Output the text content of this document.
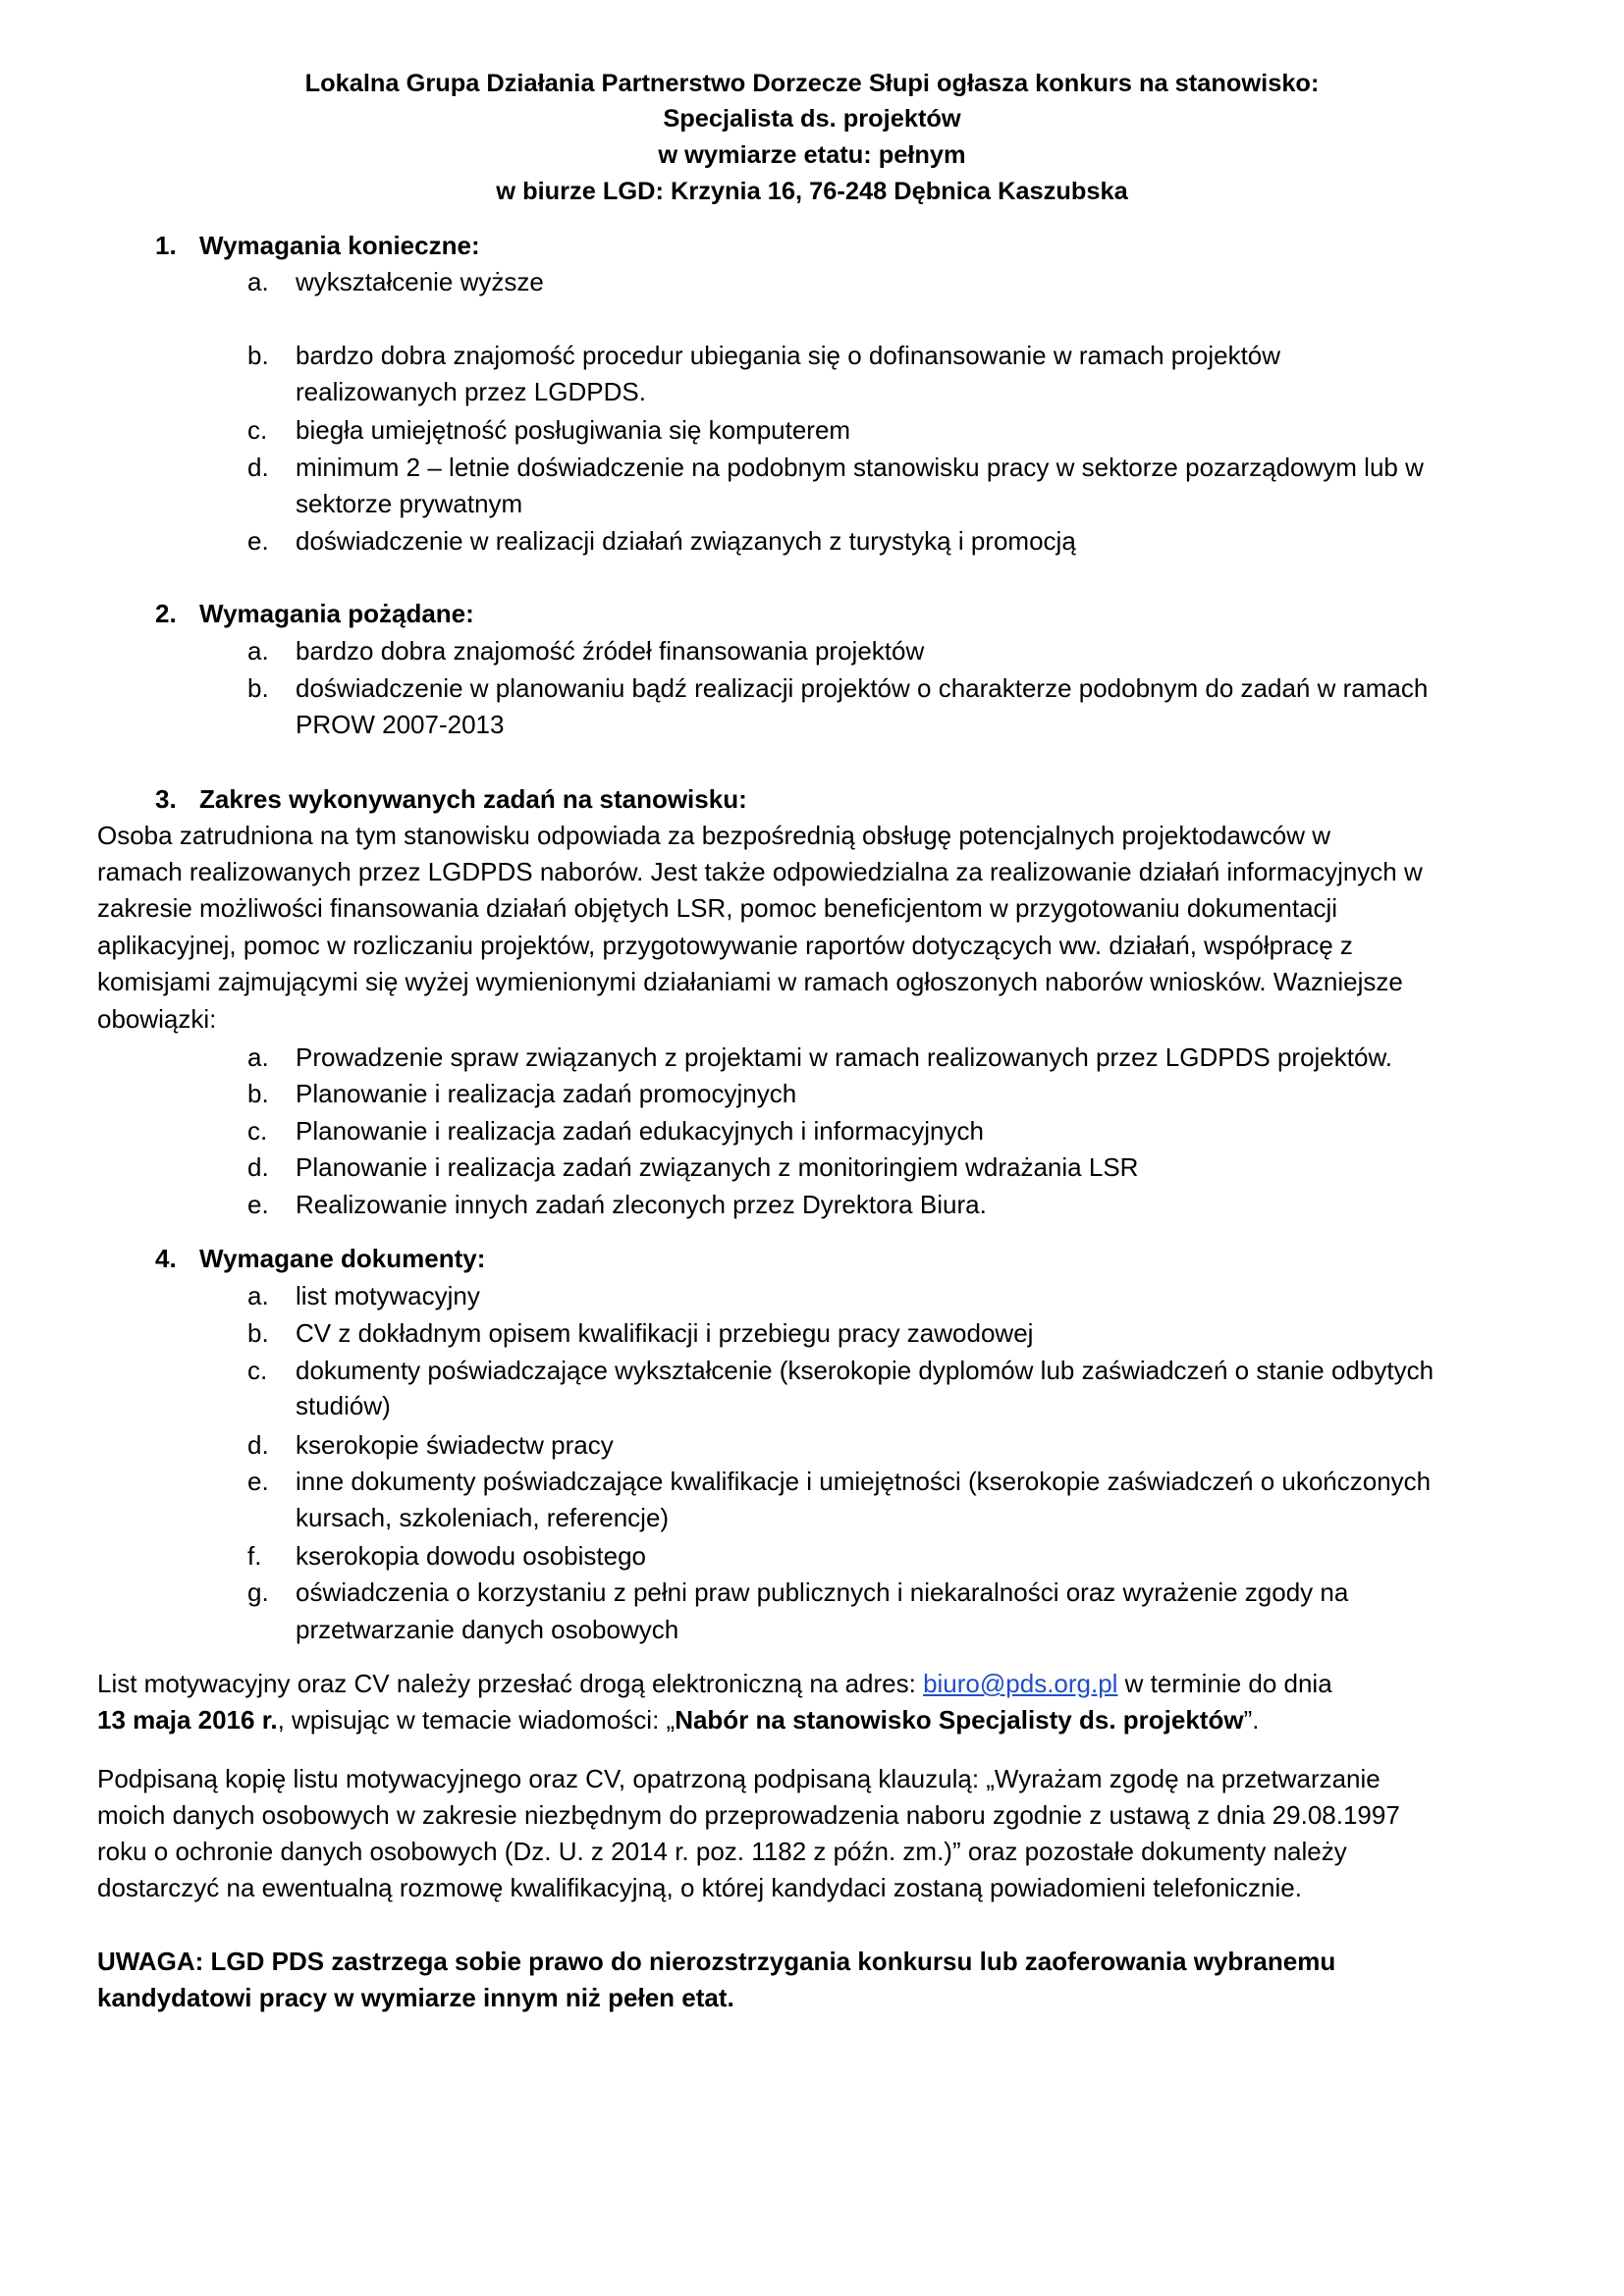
Lokalna Grupa Działania Partnerstwo Dorzecze Słupi ogłasza konkurs na stanowisko:
Specjalista ds. projektów
w wymiarze etatu: pełnym
w biurze LGD: Krzynia 16, 76-248 Dębnica Kaszubska
1. Wymagania konieczne:
a. wykształcenie wyższe
b. bardzo dobra znajomość procedur ubiegania się o dofinansowanie w ramach projektów
realizowanych przez LGDPDS.
c. biegła umiejętność posługiwania się komputerem
d. minimum 2 – letnie doświadczenie na podobnym stanowisku pracy w sektorze pozarządowym lub w
sektorze prywatnym
e. doświadczenie w realizacji działań związanych z turystyką i promocją
2. Wymagania pożądane:
a. bardzo dobra znajomość źródeł finansowania projektów
b. doświadczenie w planowaniu bądź realizacji projektów o charakterze podobnym do zadań w ramach
PROW 2007-2013
3. Zakres wykonywanych zadań na stanowisku:
Osoba zatrudniona na tym stanowisku odpowiada za bezpośrednią obsługę potencjalnych projektodawców w
ramach realizowanych przez LGDPDS naborów. Jest także odpowiedzialna za realizowanie działań informacyjnych w
zakresie możliwości finansowania działań objętych LSR, pomoc beneficjentom w przygotowaniu dokumentacji
aplikacyjnej, pomoc w rozliczaniu projektów, przygotowywanie raportów dotyczących ww. działań, współpracę z
komisjami zajmującymi się wyżej wymienionymi działaniami w ramach ogłoszonych naborów wniosków. Wazniejsze
obowiązki:
a. Prowadzenie spraw związanych z projektami w ramach realizowanych przez LGDPDS projektów.
b. Planowanie i realizacja zadań promocyjnych
c. Planowanie i realizacja zadań edukacyjnych i informacyjnych
d. Planowanie i realizacja zadań związanych z monitoringiem wdrażania LSR
e. Realizowanie innych zadań zleconych przez Dyrektora Biura.
4. Wymagane dokumenty:
a. list motywacyjny
b. CV z dokładnym opisem kwalifikacji i przebiegu pracy zawodowej
c. dokumenty poświadczające wykształcenie (kserokopie dyplomów lub zaświadczeń o stanie odbytych
studiów)
d. kserokopie świadectw pracy
e. inne dokumenty poświadczające kwalifikacje i umiejętności (kserokopie zaświadczeń o ukończonych
kursach, szkoleniach, referencje)
f. kserokopia dowodu osobistego
g. oświadczenia o korzystaniu z pełni praw publicznych i niekaralności oraz wyrażenie zgody na
przetwarzanie danych osobowych
List motywacyjny oraz CV należy przesłać drogą elektroniczną na adres: biuro@pds.org.pl w terminie do dnia
13 maja 2016 r., wpisując w temacie wiadomości: „Nabór na stanowisko Specjalisty ds. projektów”.
Podpisaną kopię listu motywacyjnego oraz CV, opatrzoną podpisaną klauzulą: „Wyrażam zgodę na przetwarzanie
moich danych osobowych w zakresie niezbędnym do przeprowadzenia naboru zgodnie z ustawą z dnia 29.08.1997
roku o ochronie danych osobowych (Dz. U. z 2014 r. poz. 1182 z późn. zm.)” oraz pozostałe dokumenty należy
dostarczyć na ewentualną rozmowę kwalifikacyjną, o której kandydaci zostaną powiadomieni telefonicznie.
UWAGA: LGD PDS zastrzega sobie prawo do nierozstrzygania konkursu lub zaoferowania wybranemu
kandydatowi pracy w wymiarze innym niż pełen etat.
